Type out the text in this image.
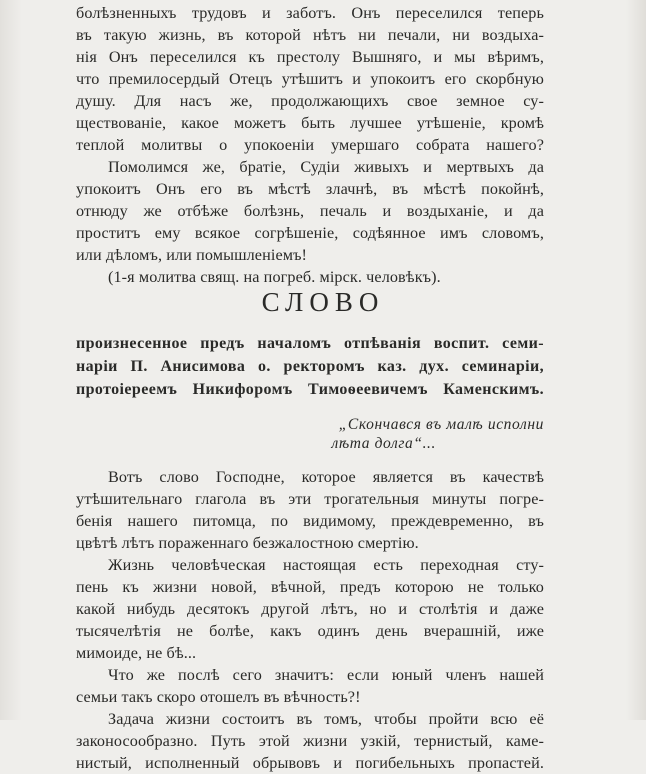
болѣзненныхъ трудовъ и заботъ. Онъ переселился теперь
въ такую жизнь, въ которой нѣтъ ни печали, ни воздыха-
нія Онъ переселился къ престолу Вышняго, и мы вѣримъ,
что премилосердый Отецъ утѣшитъ и упокоитъ его скорбную
душу. Для насъ же, продолжающихъ свое земное су-
ществованіе, какое можетъ быть лучшее утѣшеніе, кромѣ
теплой молитвы о упокоеніи умершаго собрата нашего?
Помолимся же, братіе, Судіи живыхъ и мертвыхъ да
упокоитъ Онъ его въ мѣстѣ злачнѣ, въ мѣстѣ покойнѣ,
отнюду же отбѣже болѣзнь, печаль и воздыханіе, и да
проститъ ему всякое согрѣшеніе, содѣянное имъ словомъ,
или дѣломъ, или помышленіемъ!
(1-я молитва свящ. на погреб. мірск. человѣкъ).
СЛОВО
произнесенное предъ началомъ отпѣванія воспит. семи-
наріи П. Анисимова о. ректоромъ каз. дух. семинаріи,
протоіереемъ Никифоромъ Тимоѳеевичемъ Каменскимъ.
„Скончався въ малѣ исполни
лѣта долга“...
Вотъ слово Господне, которое является въ качествѣ
утѣшительнаго глагола въ эти трогательныя минуты погре-
бенія нашего питомца, по видимому, преждевременно, въ
цвѣтѣ лѣтъ пораженнаго безжалостною смертію.
Жизнь человѣческая настоящая есть переходная сту-
пень къ жизни новой, вѣчной, предъ которою не только
какой нибудь десятокъ другой лѣтъ, но и столѣтія и даже
тысячелѣтія не болѣе, какъ одинъ день вчерашній, иже
мимоиде, не бѣ...
Что же послѣ сего значитъ: если юный членъ нашей
семьи такъ скоро отошелъ въ вѣчность?!
Задача жизни состоитъ въ томъ, чтобы пройти всю её
законосообразно. Путь этой жизни узкій, тернистый, камe-
нистый, исполненный обрывовъ и погибельныхъ пропастей.
